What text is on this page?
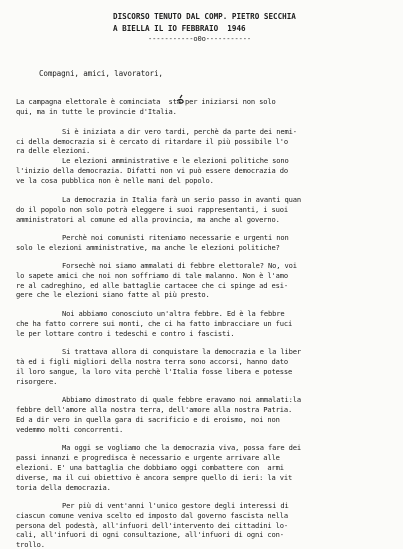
DISCORSO TENUTO DAL COMP. PIETRO SECCHIA
A BIELLA IL IO FEBBRAIO  1946
-----------o0o-----------
Compagni, amici, lavoratori,
La campagna elettorale è cominciata  sta per iniziarsi non solo
qui, ma in tutte le provincie d'Italia.
Si è iniziata a dir vero tardi, perchè da parte dei nemi-
ci della democrazia si è cercato di ritardare il più possibile l'o
ra delle elezioni.
Le elezioni amministrative e le elezioni politiche sono
l'inizio della democrazia. Difatti non vi può essere democrazia do
ve la cosa pubblica non è nelle mani del popolo.
La democrazia in Italia farà un serio passo in avanti quan
do il popolo non solo potrà eleggere i suoi rappresentanti, i suoi
amministratori al comune ed alla provincia, ma anche al governo.
Perchè noi comunisti riteniamo necessarie e urgenti non
solo le elezioni amministrative, ma anche le elezioni politiche?
Forsechè noi siamo ammalati di febbre elettorale? No, voi
lo sapete amici che noi non soffriamo di tale malanno. Non è l'amo
re al cadreghino, ed alle battaglie cartacee che ci spinge ad esi-
gere che le elezioni siano fatte al più presto.
Noi abbiamo conosciuto un'altra febbre. Ed è la febbre
che ha fatto correre sui monti, che ci ha fatto imbracciare un fuci
le per lottare contro i tedeschi e contro i fascisti.
Si trattava allora di conquistare la democrazia e la liber
tà ed i figli migliori della nostra terra sono accorsi, hanno dato
il loro sangue, la loro vita perchè l'Italia fosse libera e potesse
risorgere.
Abbiamo dimostrato di quale febbre eravamo noi ammalati:la
febbre dell'amore alla nostra terra, dell'amore alla nostra Patria.
Ed a dir vero in quella gara di sacrificio e di eroismo, noi non
vedemmo molti concorrenti.
Ma oggi se vogliamo che la democrazia viva, possa fare dei
passi innanzi e progredisca è necessario e urgente arrivare alle
elezioni. E' una battaglia che dobbiamo oggi combattere con  armi
diverse, ma il cui obiettivo è ancora sempre quello di ieri: la vit
toria della democrazia.
Per più di vent'anni l'unico gestore degli interessi di
ciascun comune veniva scelto ed imposto dal governo fascista nella
persona del podestà, all'infuori dell'intervento dei cittadini lo-
cali, all'infuori di ogni consultazione, all'infuori di ogni con-
trollo.
